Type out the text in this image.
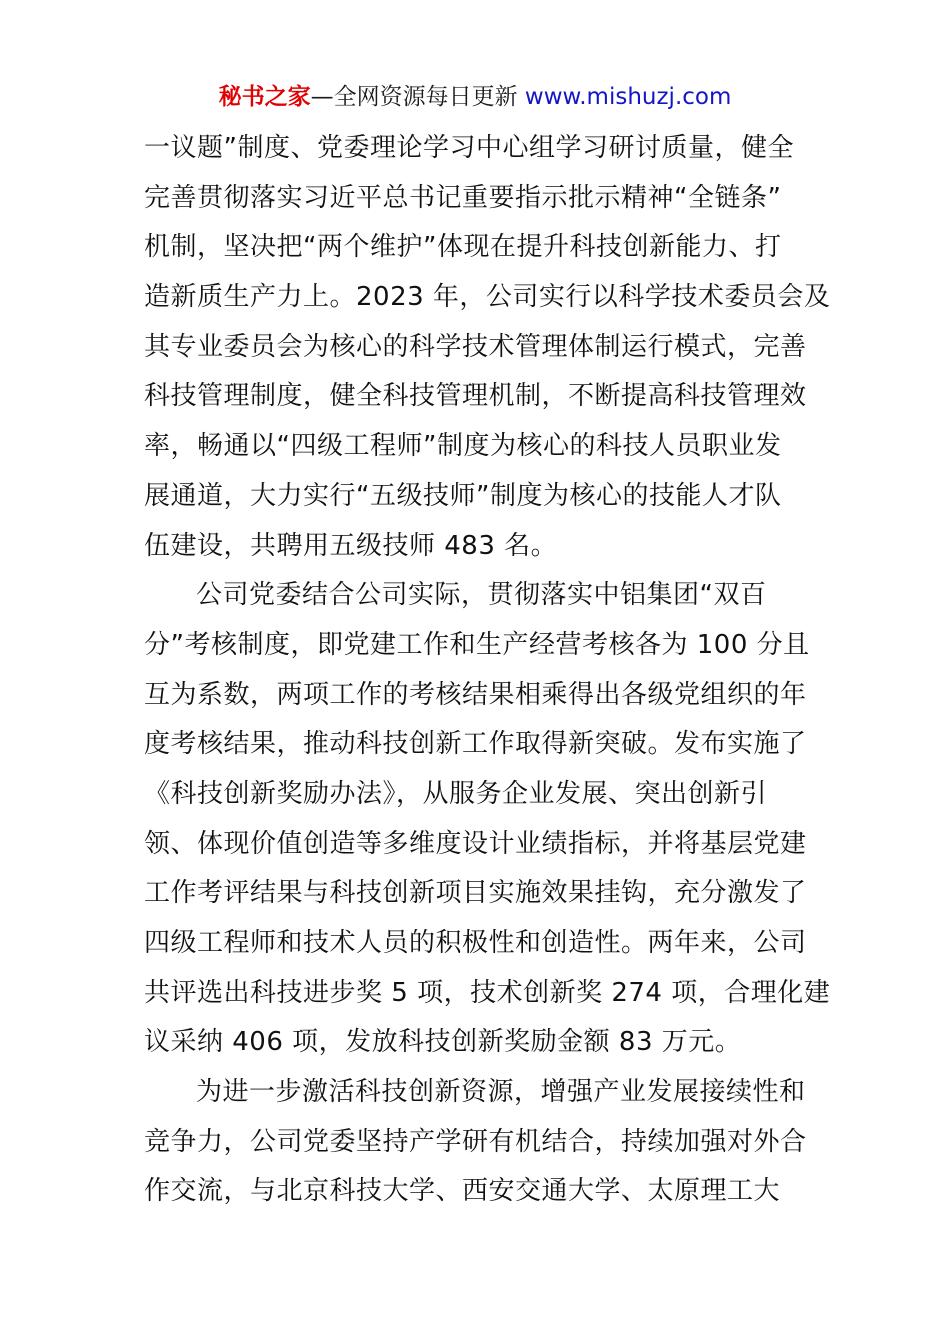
秘书之家—全网资源每日更新 www.mishuzj.com
一议题”制度、党委理论学习中心组学习研讨质量，健全
完善贯彻落实习近平总书记重要指示批示精神“全链条”
机制，坚决把“两个维护”体现在提升科技创新能力、打
造新质生产力上。2023 年，公司实行以科学技术委员会及
其专业委员会为核心的科学技术管理体制运行模式，完善
科技管理制度，健全科技管理机制，不断提高科技管理效
率，畅通以“四级工程师”制度为核心的科技人员职业发
展通道，大力实行“五级技师”制度为核心的技能人才队
伍建设，共聘用五级技师 483 名。
公司党委结合公司实际，贯彻落实中铝集团“双百
分”考核制度，即党建工作和生产经营考核各为 100 分且
互为系数，两项工作的考核结果相乘得出各级党组织的年
度考核结果，推动科技创新工作取得新突破。发布实施了
《科技创新奖励办法》，从服务企业发展、突出创新引
领、体现价值创造等多维度设计业绩指标，并将基层党建
工作考评结果与科技创新项目实施效果挂钩，充分激发了
四级工程师和技术人员的积极性和创造性。两年来，公司
共评选出科技进步奖 5 项，技术创新奖 274 项，合理化建
议采纳 406 项，发放科技创新奖励金额 83 万元。
为进一步激活科技创新资源，增强产业发展接续性和
竞争力，公司党委坚持产学研有机结合，持续加强对外合
作交流，与北京科技大学、西安交通大学、太原理工大
